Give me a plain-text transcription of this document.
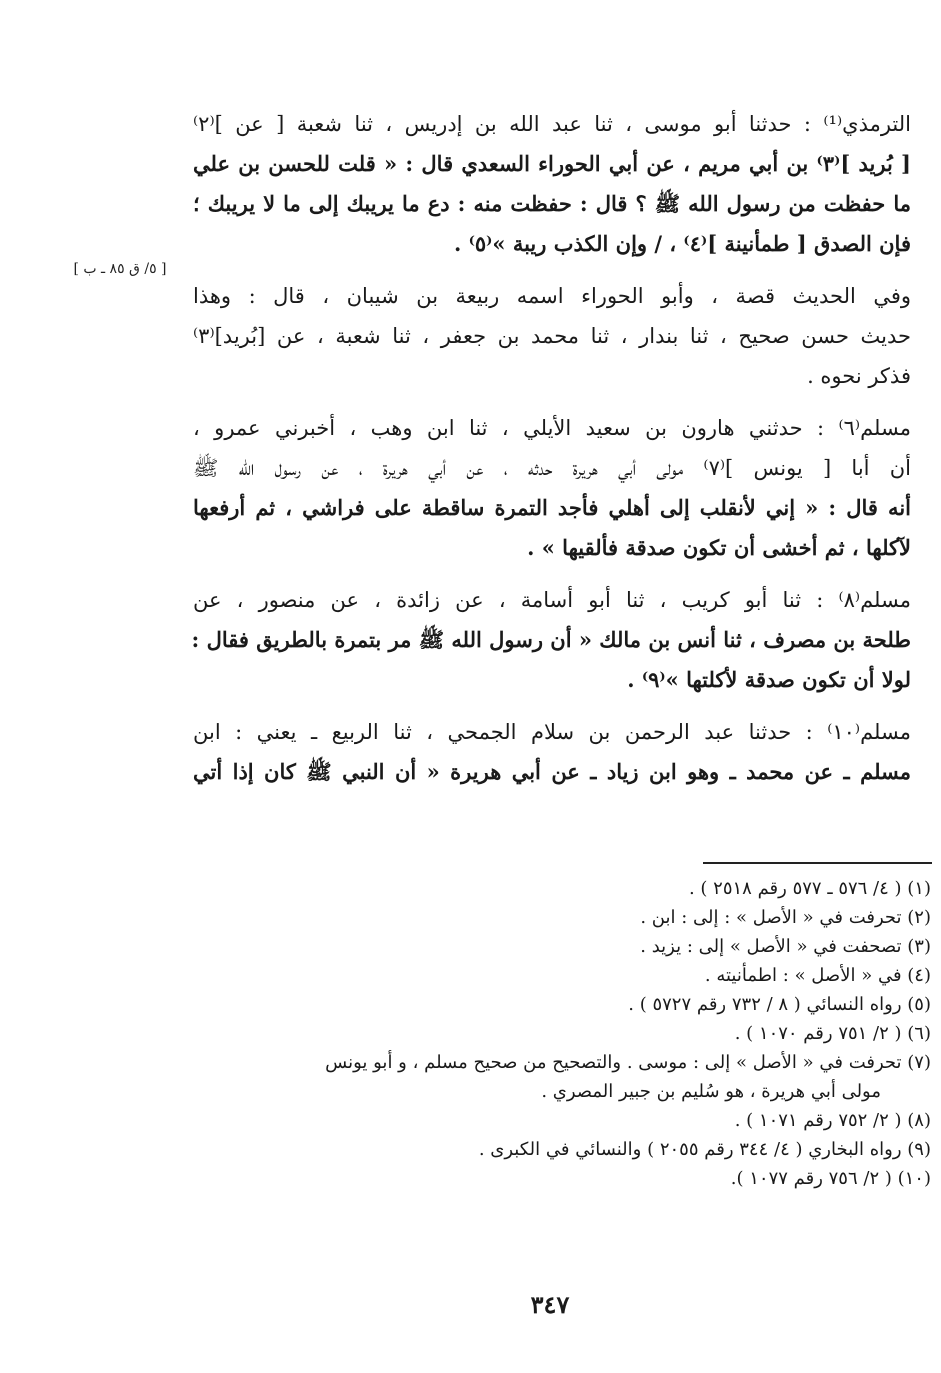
[ ٥/ ق ٨٥ ـ ب ]

الترمذي⁽¹⁾ : حدثنا أبو موسى ، ثنا عبد الله بن إدريس ، ثنا شعبة [ عن ]⁽٢⁾
[ بُريد ]⁽٣⁾ بن أبي مريم ، عن أبي الحوراء السعدي قال : « قلت للحسن بن علي
ما حفظت من رسول الله ﷺ ؟ قال : حفظت منه : دع ما يريبك إلى ما لا يريبك ؛
فإن الصدق [ طمأنينة ]⁽٤⁾ ، / وإن الكذب ريبة »⁽٥⁾ .

وفي الحديث قصة ، وأبو الحوراء اسمه ربيعة بن شيبان ، قال : وهذا
حديث حسن صحيح ، ثنا بندار ، ثنا محمد بن جعفر ، ثنا شعبة ، عن [بُريد]⁽٣⁾
فذكر نحوه .

مسلم⁽٦⁾ : حدثني هارون بن سعيد الأيلي ، ثنا ابن وهب ، أخبرني عمرو ،
أن أبا [ يونس ]⁽٧⁾ مولى أبي هريرة حدثه ، عن أبي هريرة ، عن رسول الله ﷺ
أنه قال : « إني لأنقلب إلى أهلي فأجد التمرة ساقطة على فراشي ، ثم أرفعها
لآكلها ، ثم أخشى أن تكون صدقة فألقيها » .

مسلم⁽٨⁾ : ثنا أبو كريب ، ثنا أبو أسامة ، عن زائدة ، عن منصور ، عن
طلحة بن مصرف ، ثنا أنس بن مالك « أن رسول الله ﷺ مر بتمرة بالطريق فقال :
لولا أن تكون صدقة لأكلتها »⁽٩⁾ .

مسلم⁽١٠⁾ : حدثنا عبد الرحمن بن سلام الجمحي ، ثنا الربيع ـ يعني : ابن
مسلم ـ عن محمد ـ وهو ابن زياد ـ عن أبي هريرة « أن النبي ﷺ كان إذا أتي

(١) ( ٤/ ٥٧٦ ـ ٥٧٧ رقم ٢٥١٨ ) .

(٢) تحرفت في « الأصل » : إلى : ابن .

(٣) تصحفت في « الأصل » إلى : يزيد .

(٤) في « الأصل » : اطمأنيته .

(٥) رواه النسائي ( ٨ / ٧٣٢ رقم ٥٧٢٧ ) .

(٦) ( ٢/ ٧٥١ رقم ١٠٧٠ ) .

(٧) تحرفت في « الأصل » إلى : موسى . والتصحيح من صحيح مسلم ، و أبو يونس

مولى أبي هريرة ، هو سُليم بن جبير المصري .

(٨) ( ٢/ ٧٥٢ رقم ١٠٧١ ) .

(٩) رواه البخاري ( ٤/ ٣٤٤ رقم ٢٠٥٥ ) والنسائي في الكبرى .

(١٠) ( ٢/ ٧٥٦ رقم ١٠٧٧ ).

٣٤٧
